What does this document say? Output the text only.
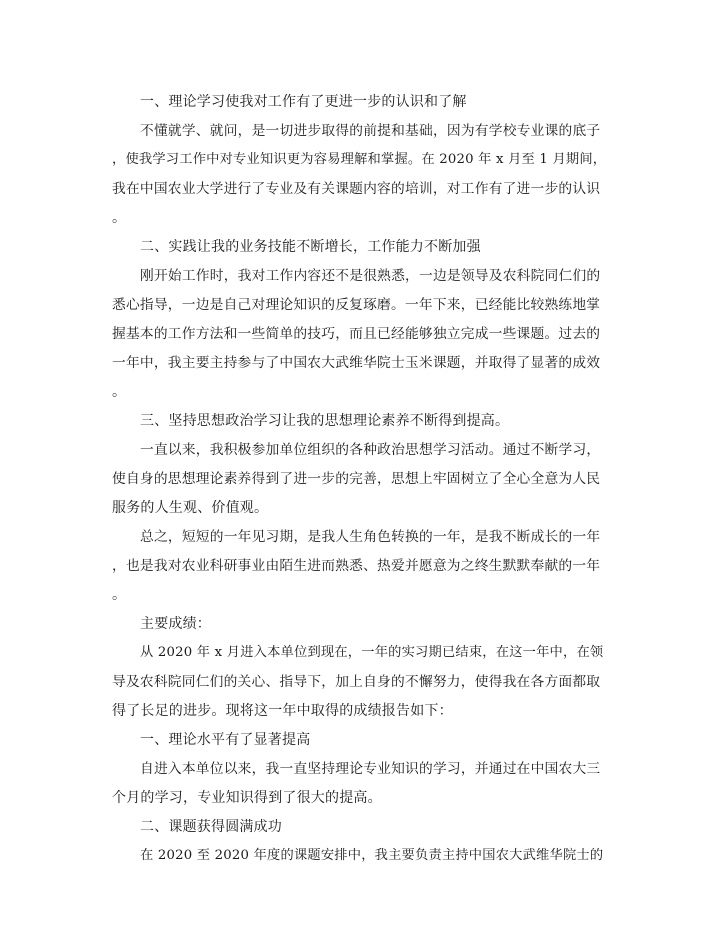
一、理论学习使我对工作有了更进一步的认识和了解
不懂就学、就问，是一切进步取得的前提和基础，因为有学校专业课的底子
，使我学习工作中对专业知识更为容易理解和掌握。在 2020 年 x 月至 1 月期间，
我在中国农业大学进行了专业及有关课题内容的培训，对工作有了进一步的认识
。
二、实践让我的业务技能不断增长，工作能力不断加强
刚开始工作时，我对工作内容还不是很熟悉，一边是领导及农科院同仁们的
悉心指导，一边是自己对理论知识的反复琢磨。一年下来，已经能比较熟练地掌
握基本的工作方法和一些简单的技巧，而且已经能够独立完成一些课题。过去的
一年中，我主要主持参与了中国农大武维华院士玉米课题，并取得了显著的成效
。
三、坚持思想政治学习让我的思想理论素养不断得到提高。
一直以来，我积极参加单位组织的各种政治思想学习活动。通过不断学习，
使自身的思想理论素养得到了进一步的完善，思想上牢固树立了全心全意为人民
服务的人生观、价值观。
总之，短短的一年见习期，是我人生角色转换的一年，是我不断成长的一年
，也是我对农业科研事业由陌生进而熟悉、热爱并愿意为之终生默默奉献的一年
。
主要成绩：
从 2020 年 x 月进入本单位到现在，一年的实习期已结束，在这一年中，在领
导及农科院同仁们的关心、指导下，加上自身的不懈努力，使得我在各方面都取
得了长足的进步。现将这一年中取得的成绩报告如下：
一、理论水平有了显著提高
自进入本单位以来，我一直坚持理论专业知识的学习，并通过在中国农大三
个月的学习，专业知识得到了很大的提高。
二、课题获得圆满成功
在 2020 至 2020 年度的课题安排中，我主要负责主持中国农大武维华院士的
